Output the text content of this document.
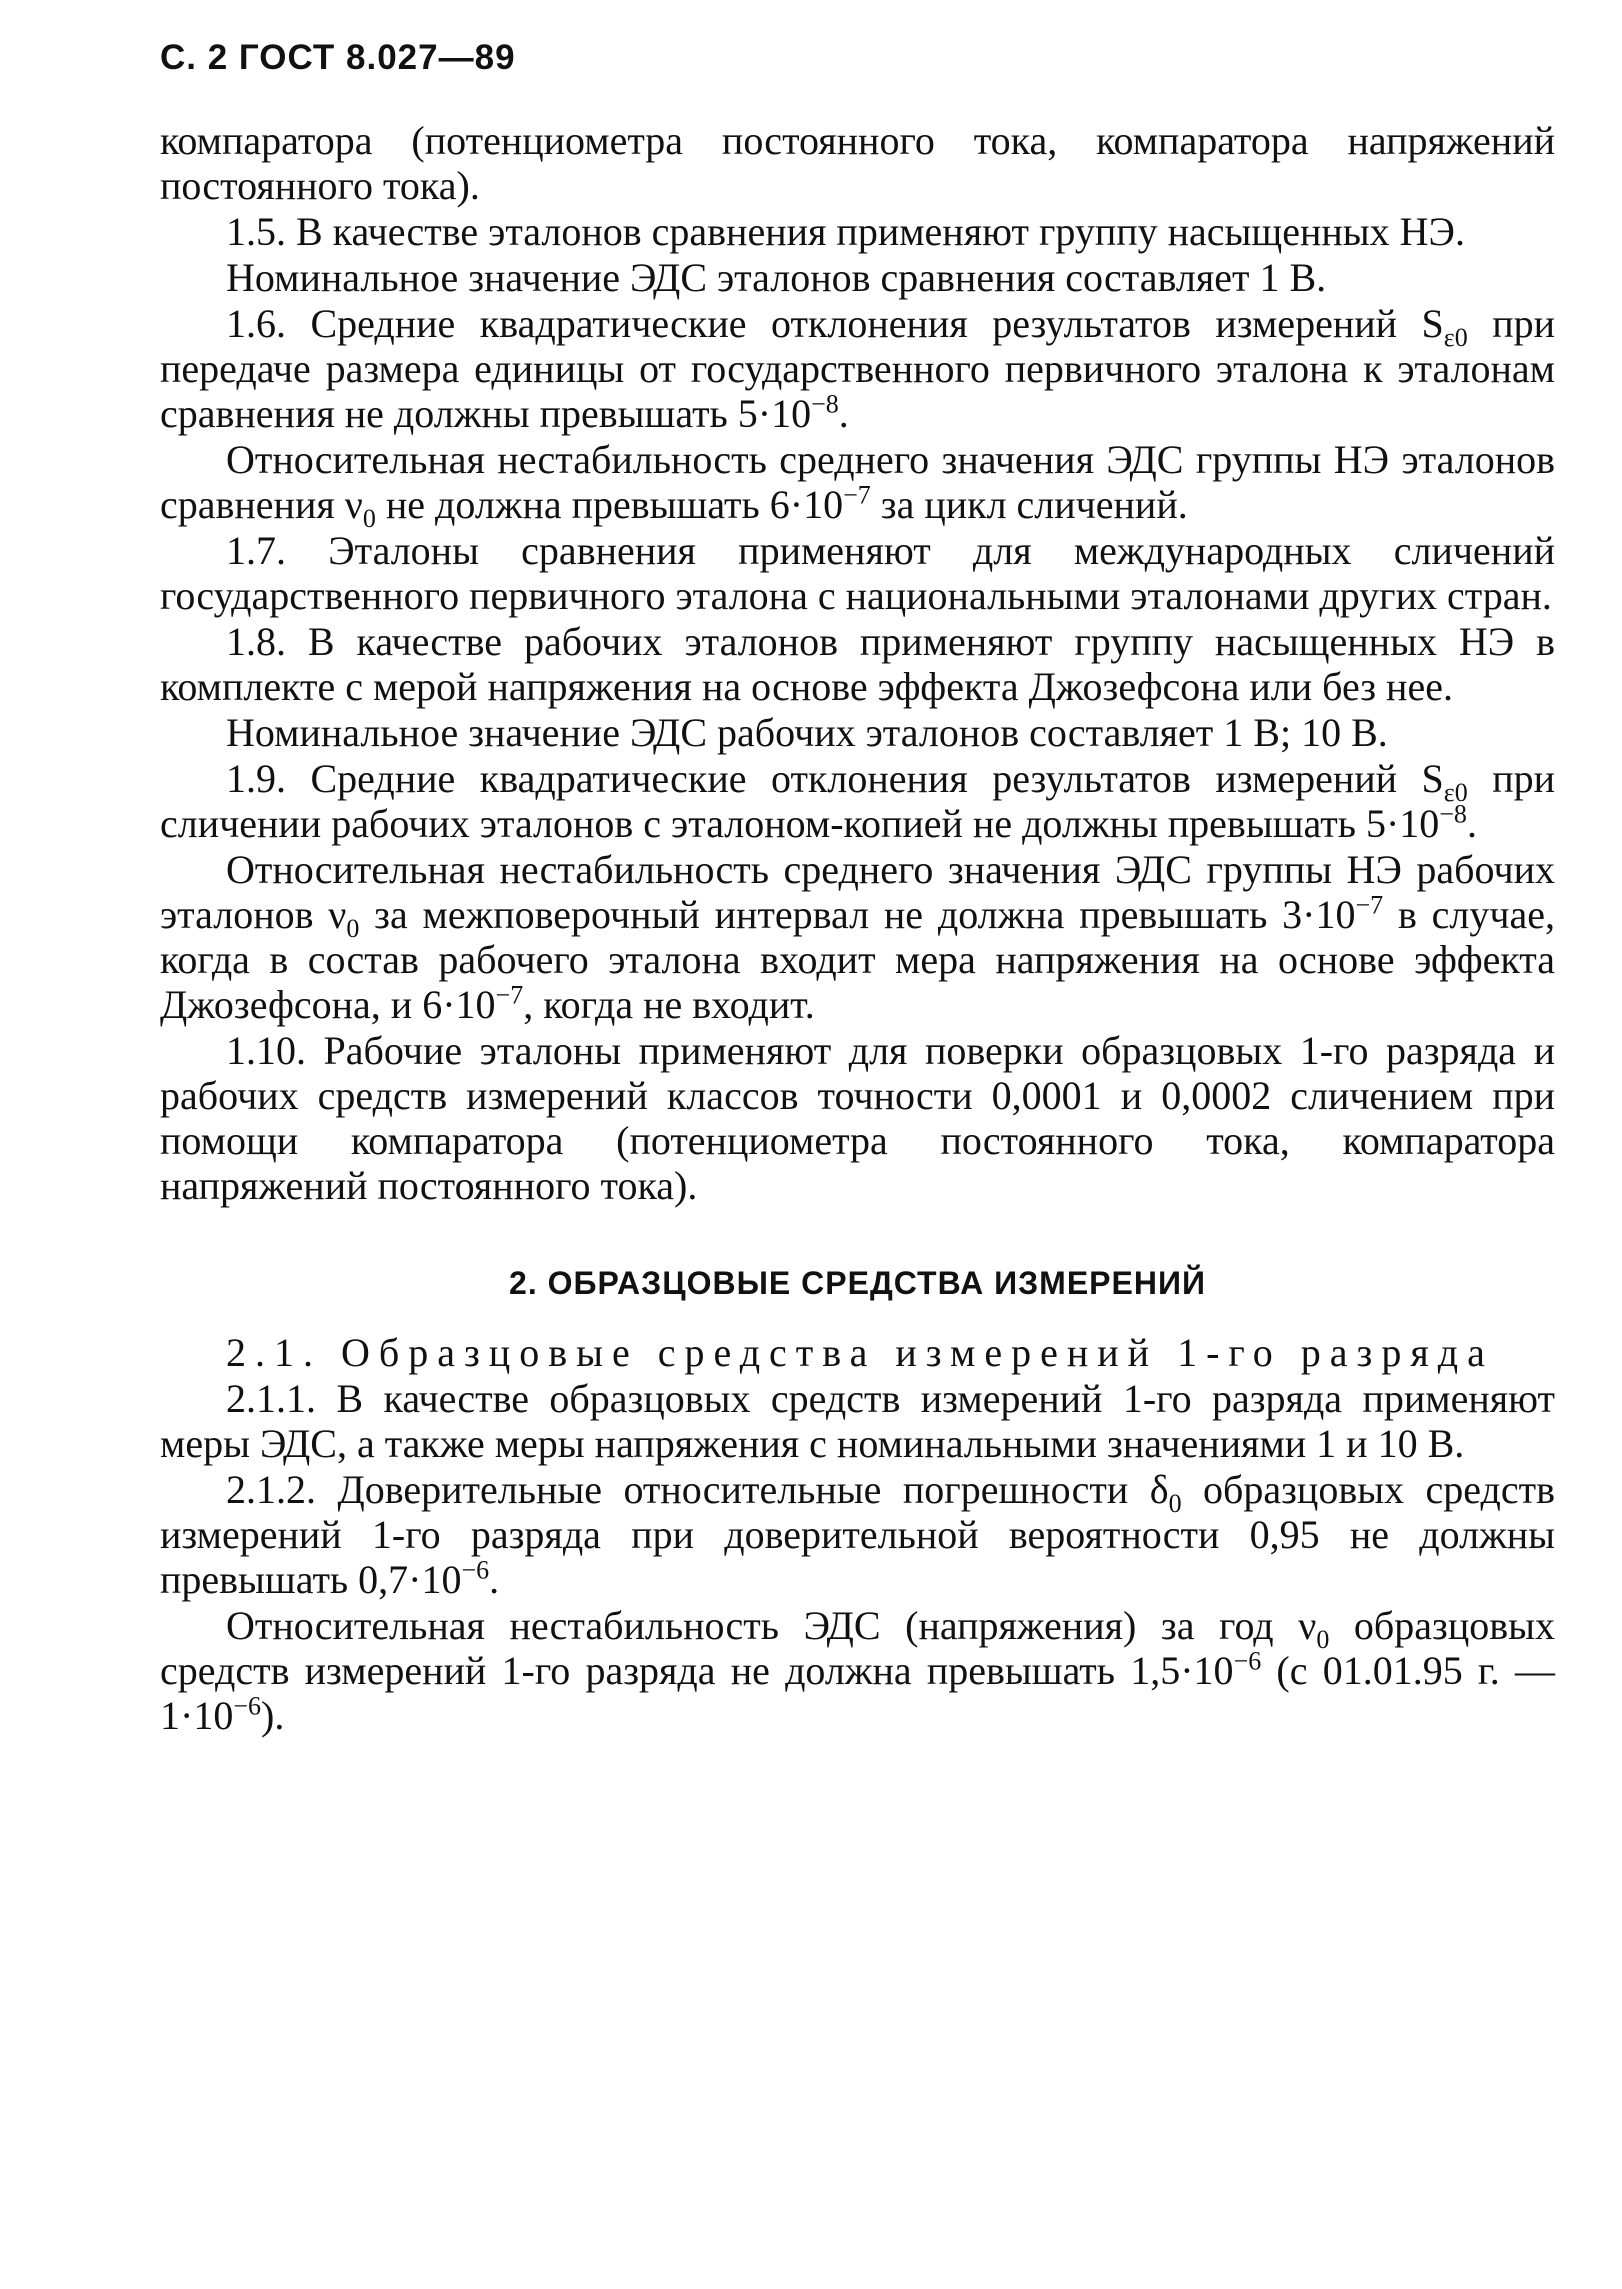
С. 2 ГОСТ 8.027—89

компаратора (потенциометра постоянного тока, компаратора напряжений постоянного тока).

1.5. В качестве эталонов сравнения применяют группу насыщенных НЭ.

Номинальное значение ЭДС эталонов сравнения составляет 1 В.

1.6. Средние квадратические отклонения результатов измерений $S_{\varepsilon 0}$ при передаче размера единицы от государственного первичного эталона к эталонам сравнения не должны превышать $5\cdot 10^{-8}$.

Относительная нестабильность среднего значения ЭДС группы НЭ эталонов сравнения $\nu_0$ не должна превышать $6\cdot 10^{-7}$ за цикл сличений.

1.7. Эталоны сравнения применяют для международных сличений государственного первичного эталона с национальными эталонами других стран.

1.8. В качестве рабочих эталонов применяют группу насыщенных НЭ в комплекте с мерой напряжения на основе эффекта Джозефсона или без нее.

Номинальное значение ЭДС рабочих эталонов составляет 1 В; 10 В.

1.9. Средние квадратические отклонения результатов измерений $S_{\varepsilon 0}$ при сличении рабочих эталонов с эталоном-копией не должны превышать $5\cdot 10^{-8}$.

Относительная нестабильность среднего значения ЭДС группы НЭ рабочих эталонов $\nu_0$ за межповерочный интервал не должна превышать $3\cdot 10^{-7}$ в случае, когда в состав рабочего эталона входит мера напряжения на основе эффекта Джозефсона, и $6\cdot 10^{-7}$, когда не входит.

1.10. Рабочие эталоны применяют для поверки образцовых 1-го разряда и рабочих средств измерений классов точности 0,0001 и 0,0002 сличением при помощи компаратора (потенциометра постоянного тока, компаратора напряжений постоянного тока).

2. ОБРАЗЦОВЫЕ СРЕДСТВА ИЗМЕРЕНИЙ

2.1. Образцовые средства измерений 1-го разряда

2.1.1. В качестве образцовых средств измерений 1-го разряда применяют меры ЭДС, а также меры напряжения с номинальными значениями 1 и 10 В.

2.1.2. Доверительные относительные погрешности $\delta_0$ образцовых средств измерений 1-го разряда при доверительной вероятности 0,95 не должны превышать $0,7\cdot 10^{-6}$.

Относительная нестабильность ЭДС (напряжения) за год $\nu_0$ образцовых средств измерений 1-го разряда не должна превышать $1,5\cdot 10^{-6}$ (с 01.01.95 г. — $1\cdot 10^{-6}$).
